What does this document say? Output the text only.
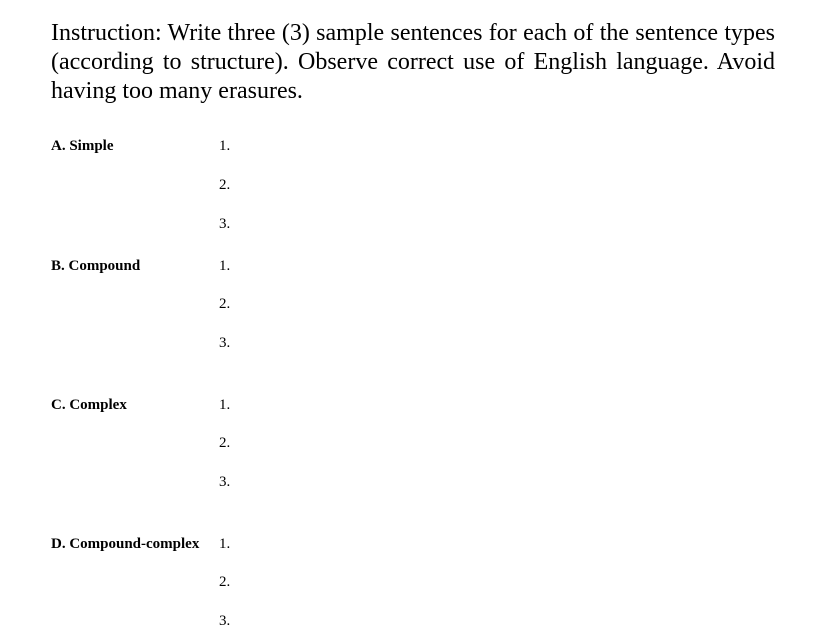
Instruction: Write three (3) sample sentences for each of the sentence types (according to structure). Observe correct use of English language. Avoid having too many erasures.

A. Simple	1.
2.
3.
B. Compound	1.
2.
3.
C. Complex	1.
2.
3.
D. Compound-complex 1.
2.
3.
